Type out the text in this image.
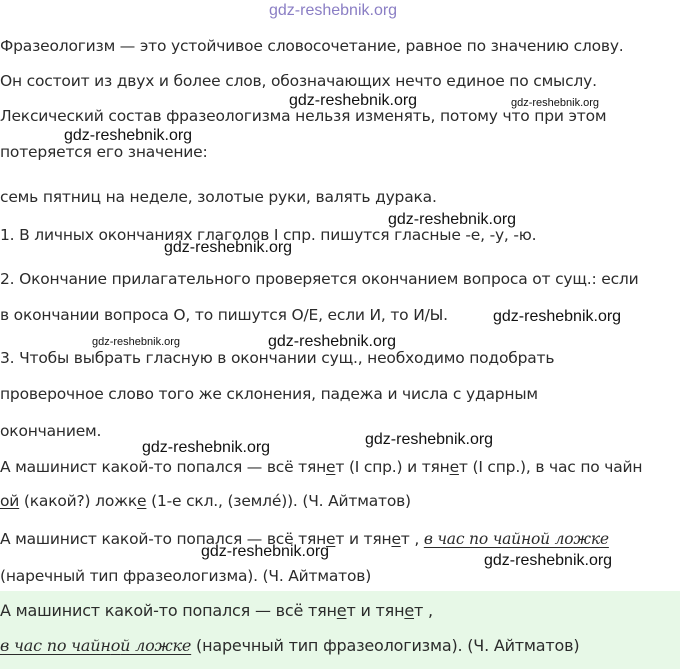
gdz-reshebnik.org
Фразеологизм — это устойчивое словосочетание, равное по значению слову.
Он состоит из двух и более слов, обозначающих нечто единое по смыслу.
Лексический состав фразеологизма нельзя изменять, потому что при этом
потеряется его значение:
семь пятниц на неделе, золотые руки, валять дурака.
1. В личных окончаниях глаголов I спр. пишутся гласные -е, -у, -ю.
2. Окончание прилагательного проверяется окончанием вопроса от сущ.: если
в окончании вопроса О, то пишутся О/Е, если И, то И/Ы.
3. Чтобы выбрать гласную в окончании сущ., необходимо подобрать
проверочное слово того же склонения, падежа и числа с ударным
окончанием.
А машинист какой-то попался — всё тянет (I спр.) и тянет (I спр.), в час по чайн
ой (какой?) ложке (1-е скл., (земле́)). (Ч. Айтматов)
А машинист какой-то попался — всё тянет и тянет , в час по чайной ложке
(наречный тип фразеологизма). (Ч. Айтматов)
А машинист какой-то попался — всё тянет и тянет ,
в час по чайной ложке (наречный тип фразеологизма). (Ч. Айтматов)
gdz-reshebnik.org	gdz-reshebnik.org
gdz-reshebnik.org
gdz-reshebnik.org
gdz-reshebnik.org
gdz-reshebnik.org
gdz-reshebnik.org	gdz-reshebnik.org
gdz-reshebnik.org
gdz-reshebnik.org
gdz-reshebnik.org
gdz-reshebnik.org
